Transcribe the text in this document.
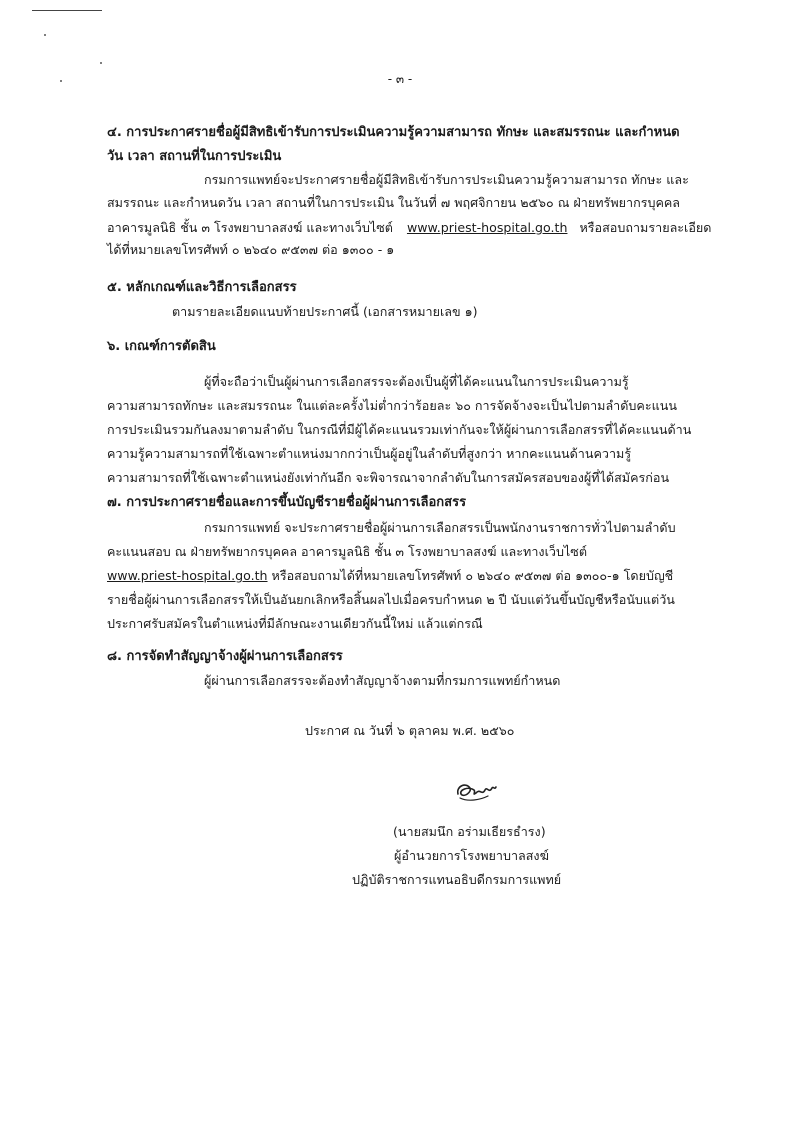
- ๓ -
๔. การประกาศรายชื่อผู้มีสิทธิเข้ารับการประเมินความรู้ความสามารถ ทักษะ และสมรรถนะ และกำหนด
วัน เวลา สถานที่ในการประเมิน
กรมการแพทย์จะประกาศรายชื่อผู้มีสิทธิเข้ารับการประเมินความรู้ความสามารถ ทักษะ และ
สมรรถนะ และกำหนดวัน เวลา สถานที่ในการประเมิน ในวันที่ ๗ พฤศจิกายน ๒๕๖๐ ณ ฝ่ายทรัพยากรบุคคล
อาคารมูลนิธิ ชั้น ๓ โรงพยาบาลสงฆ์ และทางเว็บไซต์ www.priest-hospital.go.th หรือสอบถามรายละเอียด
ได้ที่หมายเลขโทรศัพท์ ๐ ๒๖๔๐ ๙๕๓๗ ต่อ ๑๓๐๐ - ๑
๕. หลักเกณฑ์และวิธีการเลือกสรร
ตามรายละเอียดแนบท้ายประกาศนี้ (เอกสารหมายเลข ๑)
๖. เกณฑ์การตัดสิน
ผู้ที่จะถือว่าเป็นผู้ผ่านการเลือกสรรจะต้องเป็นผู้ที่ได้คะแนนในการประเมินความรู้
ความสามารถทักษะ และสมรรถนะ ในแต่ละครั้งไม่ต่ำกว่าร้อยละ ๖๐ การจัดจ้างจะเป็นไปตามลำดับคะแนน
การประเมินรวมกันลงมาตามลำดับ ในกรณีที่มีผู้ได้คะแนนรวมเท่ากันจะให้ผู้ผ่านการเลือกสรรที่ได้คะแนนด้าน
ความรู้ความสามารถที่ใช้เฉพาะตำแหน่งมากกว่าเป็นผู้อยู่ในลำดับที่สูงกว่า หากคะแนนด้านความรู้
ความสามารถที่ใช้เฉพาะตำแหน่งยังเท่ากันอีก จะพิจารณาจากลำดับในการสมัครสอบของผู้ที่ได้สมัครก่อน
๗. การประกาศรายชื่อและการขึ้นบัญชีรายชื่อผู้ผ่านการเลือกสรร
กรมการแพทย์ จะประกาศรายชื่อผู้ผ่านการเลือกสรรเป็นพนักงานราชการทั่วไปตามลำดับ
คะแนนสอบ ณ ฝ่ายทรัพยากรบุคคล อาคารมูลนิธิ ชั้น ๓ โรงพยาบาลสงฆ์ และทางเว็บไซต์
www.priest-hospital.go.th หรือสอบถามได้ที่หมายเลขโทรศัพท์ ๐ ๒๖๔๐ ๙๕๓๗ ต่อ ๑๓๐๐-๑ โดยบัญชี
รายชื่อผู้ผ่านการเลือกสรรให้เป็นอันยกเลิกหรือสิ้นผลไปเมื่อครบกำหนด ๒ ปี นับแต่วันขึ้นบัญชีหรือนับแต่วัน
ประกาศรับสมัครในตำแหน่งที่มีลักษณะงานเดียวกันนี้ใหม่ แล้วแต่กรณี
๘. การจัดทำสัญญาจ้างผู้ผ่านการเลือกสรร
ผู้ผ่านการเลือกสรรจะต้องทำสัญญาจ้างตามที่กรมการแพทย์กำหนด
ประกาศ ณ วันที่ ๖ ตุลาคม พ.ศ. ๒๕๖๐
(นายสมนึก อร่ามเธียรธำรง)
ผู้อำนวยการโรงพยาบาลสงฆ์
ปฏิบัติราชการแทนอธิบดีกรมการแพทย์
